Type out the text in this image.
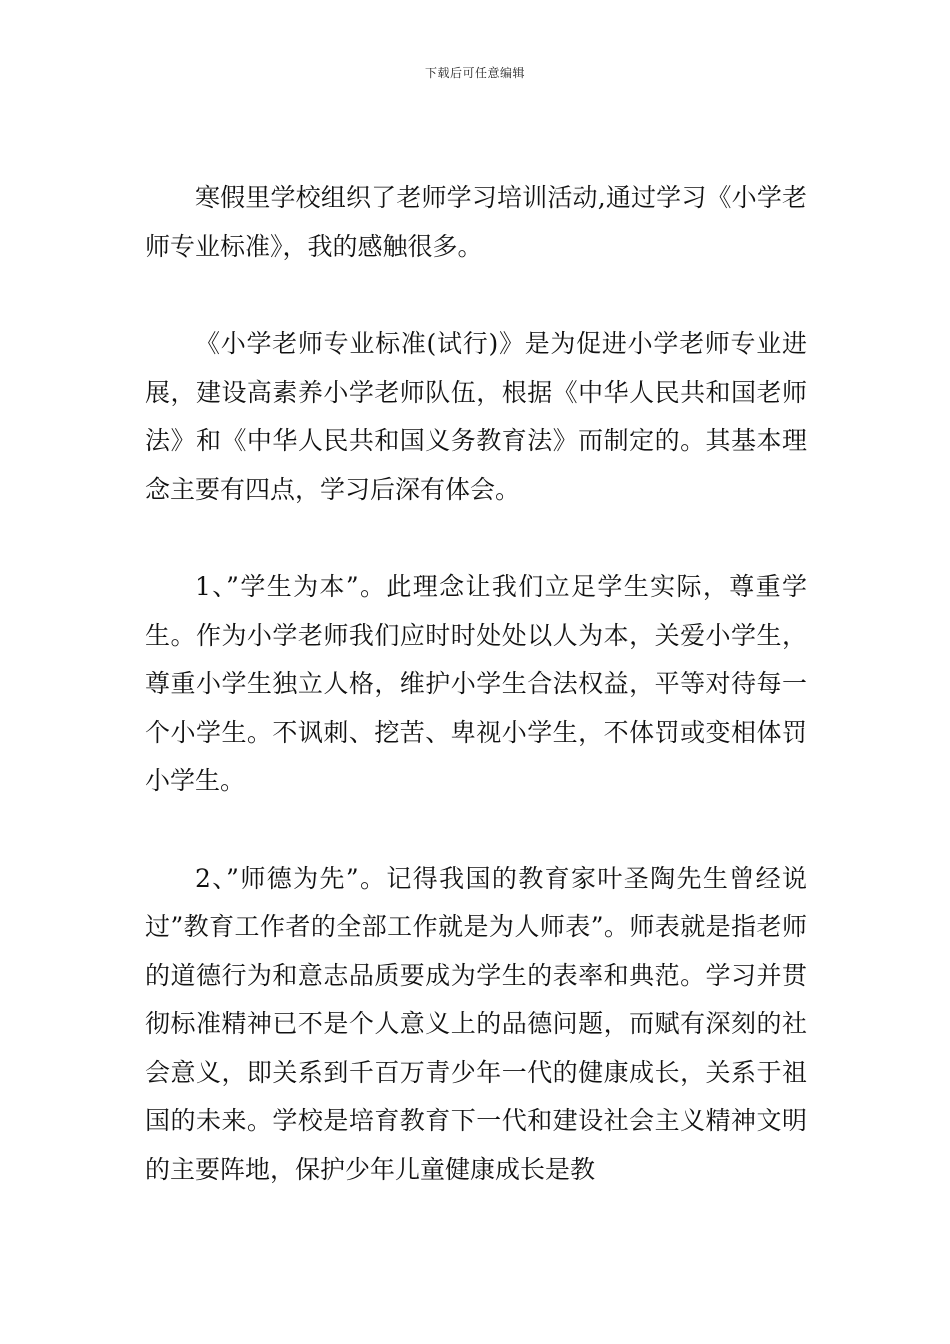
下载后可任意编辑

寒假里学校组织了老师学习培训活动,通过学习《小学老师专业标准》，我的感触很多。

《小学老师专业标准(试行)》是为促进小学老师专业进展，建设高素养小学老师队伍，根据《中华人民共和国老师法》和《中华人民共和国义务教育法》而制定的。其基本理念主要有四点，学习后深有体会。

1、”学生为本”。此理念让我们立足学生实际，尊重学生。作为小学老师我们应时时处处以人为本，关爱小学生，尊重小学生独立人格，维护小学生合法权益，平等对待每一个小学生。不讽刺、挖苦、卑视小学生，不体罚或变相体罚小学生。

2、”师德为先”。记得我国的教育家叶圣陶先生曾经说过”教育工作者的全部工作就是为人师表”。师表就是指老师的道德行为和意志品质要成为学生的表率和典范。学习并贯彻标准精神已不是个人意义上的品德问题，而赋有深刻的社会意义，即关系到千百万青少年一代的健康成长，关系于祖国的未来。学校是培育教育下一代和建设社会主义精神文明的主要阵地，保护少年儿童健康成长是教
